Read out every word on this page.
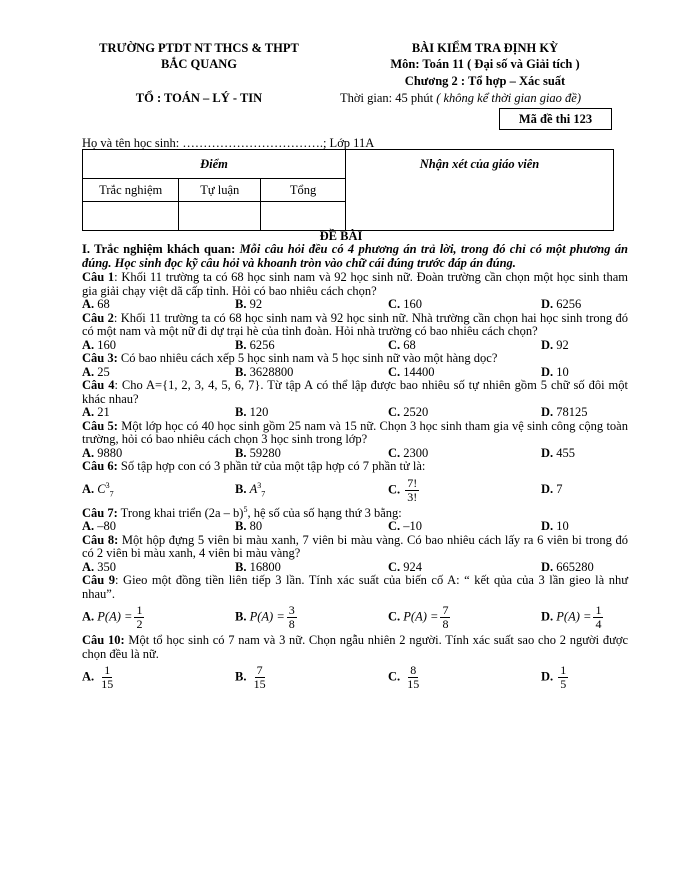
TRƯỜNG PTDT NT THCS & THPT
BẮC QUANG
TỔ : TOÁN – LÝ - TIN
BÀI KIỂM TRA ĐỊNH KỲ
Môn: Toán 11 ( Đại số và Giải tích )
Chương 2 : Tổ hợp – Xác suất
Thời gian: 45 phút ( không kể thời gian giao đề)
Mã đề thi 123
Họ và tên học sinh: …………………………….; Lớp 11A
Điểm			Nhận xét của giáo viên
Trắc nghiệm	Tự luận	Tổng	

ĐỀ BÀI

I. Trắc nghiệm khách quan: Mỗi câu hỏi đều có 4 phương án trả lời, trong đó chỉ có một phương án đúng. Học sinh đọc kỹ câu hỏi và khoanh tròn vào chữ cái đúng trước đáp án đúng.

Câu 1: Khối 11 trường ta có 68 học sinh nam và 92 học sinh nữ. Đoàn trường cần chọn một học sinh tham gia giải chạy việt dã cấp tỉnh. Hỏi có bao nhiêu cách chọn?

A. 68	B. 92	C. 160	D. 6256

Câu 2: Khối 11 trường ta có 68 học sinh nam và 92 học sinh nữ. Nhà trường cần chọn hai học sinh trong đó có một nam và một nữ đi dự trại hè của tỉnh đoàn. Hỏi nhà trường có bao nhiêu cách chọn?

A. 160	B. 6256	C. 68	D. 92

Câu 3: Có bao nhiêu cách xếp 5 học sinh nam và 5 học sinh nữ vào một hàng dọc?

A. 25	B. 3628800	C. 14400	D. 10

Câu 4: Cho A={1, 2, 3, 4, 5, 6, 7}. Từ tập A có thể lập được bao nhiêu số tự nhiên gồm 5 chữ số đôi một khác nhau?

A. 21	B. 120	C. 2520	D. 78125

Câu 5: Một lớp học có 40 học sinh gồm 25 nam và 15 nữ. Chọn 3 học sinh tham gia vệ sinh công cộng toàn trường, hỏi có bao nhiêu cách chọn 3 học sinh trong lớp?

A. 9880	B. 59280	C. 2300	D. 455

Câu 6: Số tập hợp con có 3 phần tử của một tập hợp có 7 phần tử là:

A. $C^3_7$	B. $A^3_7$	C. $\frac{7!}{3!}$	D. 7

Câu 7: Trong khai triển (2a – b)$^5$, hệ số của số hạng thứ 3 bằng:

A. –80	B. 80	C. –10	D. 10

Câu 8: Một hộp đựng 5 viên bi màu xanh, 7 viên bi màu vàng. Có bao nhiêu cách lấy ra 6 viên bi trong đó có 2 viên bi màu xanh, 4 viên bi màu vàng?

A. 350	B. 16800	C. 924	D. 665280

Câu 9: Gieo một đồng tiền liên tiếp 3 lần. Tính xác suất của biến cố A: “ kết qủa của 3 lần gieo là như nhau”.

A. $P(A) = \frac{1}{2}$	B. $P(A) = \frac{3}{8}$	C. $P(A) = \frac{7}{8}$	D. $P(A) = \frac{1}{4}$

Câu 10: Một tổ học sinh có 7 nam và 3 nữ. Chọn ngẫu nhiên 2 người. Tính xác suất sao cho 2 người được chọn đều là nữ.

A. $\frac{1}{15}$	B. $\frac{7}{15}$	C. $\frac{8}{15}$	D. $\frac{1}{5}$
